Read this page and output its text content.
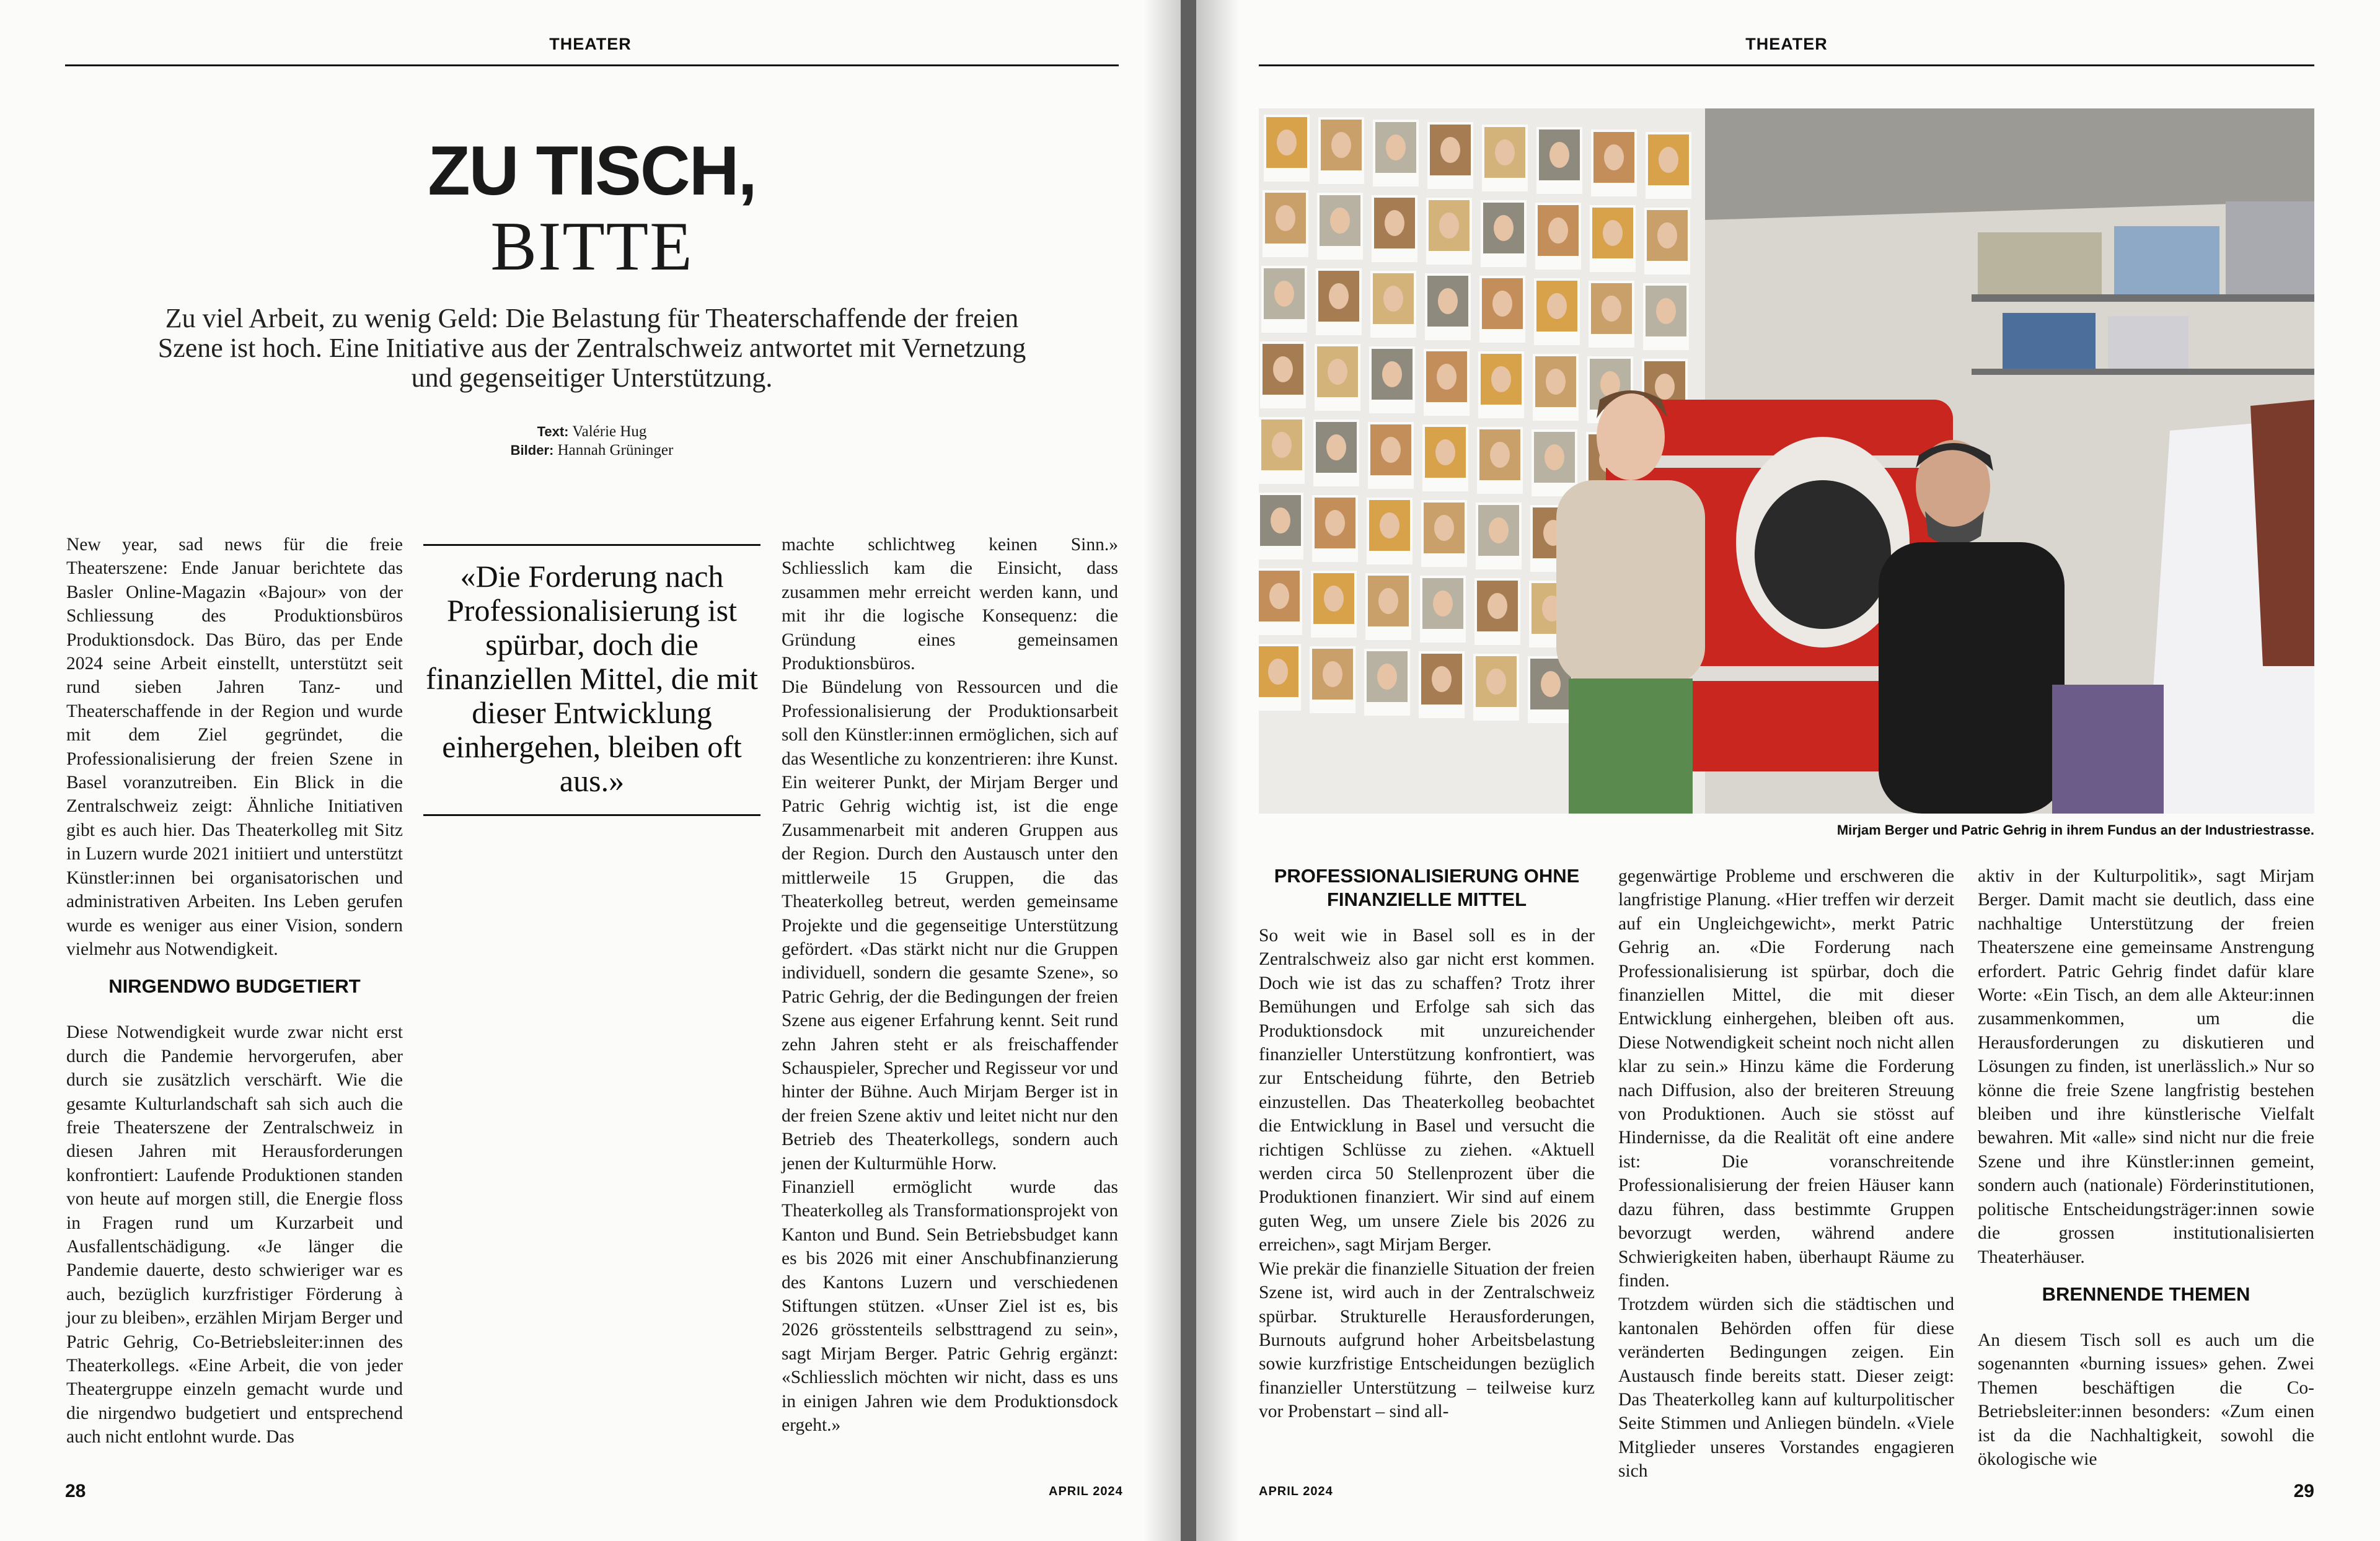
THEATER
ZU TISCH,
BITTE
Zu viel Arbeit, zu wenig Geld: Die Belastung für Theaterschaffende der freien Szene ist hoch. Eine Initiative aus der Zentralschweiz antwortet mit Vernetzung und gegenseitiger Unterstützung.
Text: Valérie Hug
Bilder: Hannah Grüninger

New year, sad news für die freie Theaterszene: Ende Januar berichtete das Basler Online-Magazin «Bajour» von der Schliessung des Produktionsbüros Produktionsdock. Das Büro, das per Ende 2024 seine Arbeit einstellt, unterstützt seit rund sieben Jahren Tanz- und Theaterschaffende in der Region und wurde mit dem Ziel gegründet, die Professionalisierung der freien Szene in Basel voranzutreiben. Ein Blick in die Zentralschweiz zeigt: Ähnliche Initiativen gibt es auch hier. Das Theaterkolleg mit Sitz in Luzern wurde 2021 initiiert und unterstützt Künstler:innen bei organisatorischen und administrativen Arbeiten. Ins Leben gerufen wurde es weniger aus einer Vision, sondern vielmehr aus Notwendigkeit.

NIRGENDWO BUDGETIERT

Diese Notwendigkeit wurde zwar nicht erst durch die Pandemie hervorgerufen, aber durch sie zusätzlich verschärft. Wie die gesamte Kulturlandschaft sah sich auch die freie Theaterszene der Zentralschweiz in diesen Jahren mit Herausforderungen konfrontiert: Laufende Produktionen standen von heute auf morgen still, die Energie floss in Fragen rund um Kurzarbeit und Ausfallentschädigung. «Je länger die Pandemie dauerte, desto schwieriger war es auch, bezüglich kurzfristiger Förderung à jour zu bleiben», erzählen Mirjam Berger und Patric Gehrig, Co-Betriebsleiter:innen des Theaterkollegs. «Eine Arbeit, die von jeder Theatergruppe einzeln gemacht wurde und die nirgendwo budgetiert und entsprechend auch nicht entlohnt wurde. Das

«Die Forderung nach Professionalisierung ist spürbar, doch die finanziellen Mittel, die mit dieser Entwicklung einhergehen, bleiben oft aus.»

machte schlichtweg keinen Sinn.» Schliesslich kam die Einsicht, dass zusammen mehr erreicht werden kann, und mit ihr die logische Konsequenz: die Gründung eines gemeinsamen Produktionsbüros.

Die Bündelung von Ressourcen und die Professionalisierung der Produktionsarbeit soll den Künstler:innen ermöglichen, sich auf das Wesentliche zu konzentrieren: ihre Kunst. Ein weiterer Punkt, der Mirjam Berger und Patric Gehrig wichtig ist, ist die enge Zusammenarbeit mit anderen Gruppen aus der Region. Durch den Austausch unter den mittlerweile 15 Gruppen, die das Theaterkolleg betreut, werden gemeinsame Projekte und die gegenseitige Unterstützung gefördert. «Das stärkt nicht nur die Gruppen individuell, sondern die gesamte Szene», so Patric Gehrig, der die Bedingungen der freien Szene aus eigener Erfahrung kennt. Seit rund zehn Jahren steht er als freischaffender Schauspieler, Sprecher und Regisseur vor und hinter der Bühne. Auch Mirjam Berger ist in der freien Szene aktiv und leitet nicht nur den Betrieb des Theaterkollegs, sondern auch jenen der Kulturmühle Horw.

Finanziell ermöglicht wurde das Theaterkolleg als Transformationsprojekt von Kanton und Bund. Sein Betriebsbudget kann es bis 2026 mit einer Anschubfinanzierung des Kantons Luzern und verschiedenen Stiftungen stützen. «Unser Ziel ist es, bis 2026 grösstenteils selbsttragend zu sein», sagt Mirjam Berger. Patric Gehrig ergänzt: «Schliesslich möchten wir nicht, dass es uns in einigen Jahren wie dem Produktionsdock ergeht.»

28	APRIL 2024
THEATER
Mirjam Berger und Patric Gehrig in ihrem Fundus an der Industriestrasse.
PROFESSIONALISIERUNG OHNE FINANZIELLE MITTEL

So weit wie in Basel soll es in der Zentralschweiz also gar nicht erst kommen. Doch wie ist das zu schaffen? Trotz ihrer Bemühungen und Erfolge sah sich das Produktionsdock mit unzureichender finanzieller Unterstützung konfrontiert, was zur Entscheidung führte, den Betrieb einzustellen. Das Theaterkolleg beobachtet die Entwicklung in Basel und versucht die richtigen Schlüsse zu ziehen. «Aktuell werden circa 50 Stellenprozent über die Produktionen finanziert. Wir sind auf einem guten Weg, um unsere Ziele bis 2026 zu erreichen», sagt Mirjam Berger.

Wie prekär die finanzielle Situation der freien Szene ist, wird auch in der Zentralschweiz spürbar. Strukturelle Herausforderungen, Burnouts aufgrund hoher Arbeitsbelastung sowie kurzfristige Entscheidungen bezüglich finanzieller Unterstützung – teilweise kurz vor Probenstart – sind all-

gegenwärtige Probleme und erschweren die langfristige Planung. «Hier treffen wir derzeit auf ein Ungleichgewicht», merkt Patric Gehrig an. «Die Forderung nach Professionalisierung ist spürbar, doch die finanziellen Mittel, die mit dieser Entwicklung einhergehen, bleiben oft aus. Diese Notwendigkeit scheint noch nicht allen klar zu sein.» Hinzu käme die Forderung nach Diffusion, also der breiteren Streuung von Produktionen. Auch sie stösst auf Hindernisse, da die Realität oft eine andere ist: Die voranschreitende Professionalisierung der freien Häuser kann dazu führen, dass bestimmte Gruppen bevorzugt werden, während andere Schwierigkeiten haben, überhaupt Räume zu finden.

Trotzdem würden sich die städtischen und kantonalen Behörden offen für diese veränderten Bedingungen zeigen. Ein Austausch finde bereits statt. Dieser zeigt: Das Theaterkolleg kann auf kulturpolitischer Seite Stimmen und Anliegen bündeln. «Viele Mitglieder unseres Vorstandes engagieren sich

aktiv in der Kulturpolitik», sagt Mirjam Berger. Damit macht sie deutlich, dass eine nachhaltige Unterstützung der freien Theaterszene eine gemeinsame Anstrengung erfordert. Patric Gehrig findet dafür klare Worte: «Ein Tisch, an dem alle Akteur:innen zusammenkommen, um die Herausforderungen zu diskutieren und Lösungen zu finden, ist unerlässlich.» Nur so könne die freie Szene langfristig bestehen bleiben und ihre künstlerische Vielfalt bewahren. Mit «alle» sind nicht nur die freie Szene und ihre Künstler:innen gemeint, sondern auch (nationale) Förderinstitutionen, politische Entscheidungsträger:innen sowie die grossen institutionalisierten Theaterhäuser.

BRENNENDE THEMEN

An diesem Tisch soll es auch um die sogenannten «burning issues» gehen. Zwei Themen beschäftigen die Co-Betriebsleiter:innen besonders: «Zum einen ist da die Nachhaltigkeit, sowohl die ökologische wie

APRIL 2024	29
